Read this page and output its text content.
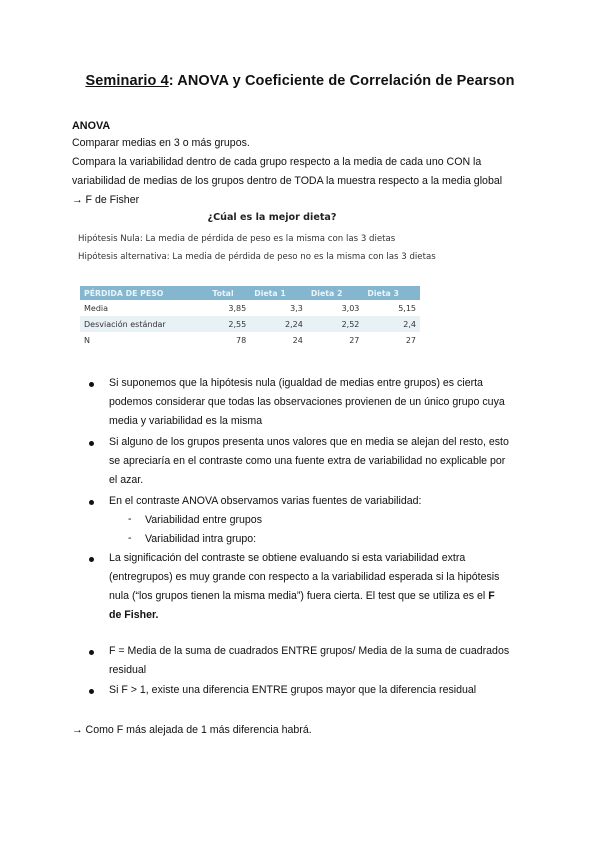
Seminario 4: ANOVA y Coeficiente de Correlación de Pearson
ANOVA
Comparar medias en 3 o más grupos.
Compara la variabilidad dentro de cada grupo respecto a la media de cada uno CON la
variabilidad de medias de los grupos dentro de TODA la muestra respecto a la media global
→ F de Fisher
¿Cúal es la mejor dieta?
Hipótesis Nula: La media de pérdida de peso es la misma con las 3 dietas
Hipótesis alternativa: La media de pérdida de peso no es la misma con las 3 dietas
PÉRDIDA DE PESO	Total	Dieta 1	Dieta 2	Dieta 3
Media	3,85	3,3	3,03	5,15
Desviación estándar	2,55	2,24	2,52	2,4
N	78	24	27	27
Si suponemos que la hipótesis nula (igualdad de medias entre grupos) es cierta
podemos considerar que todas las observaciones provienen de un único grupo cuya
media y variabilidad es la misma
Si alguno de los grupos presenta unos valores que en media se alejan del resto, esto
se apreciaría en el contraste como una fuente extra de variabilidad no explicable por
el azar.
En el contraste ANOVA observamos varias fuentes de variabilidad:
- Variabilidad entre grupos
- Variabilidad intra grupo:
La significación del contraste se obtiene evaluando si esta variabilidad extra
(entregrupos) es muy grande con respecto a la variabilidad esperada si la hipótesis
nula (“los grupos tienen la misma media”) fuera cierta. El test que se utiliza es el F
de Fisher.
F = Media de la suma de cuadrados ENTRE grupos/ Media de la suma de cuadrados
residual
Si F > 1, existe una diferencia ENTRE grupos mayor que la diferencia residual
→ Como F más alejada de 1 más diferencia habrá.
